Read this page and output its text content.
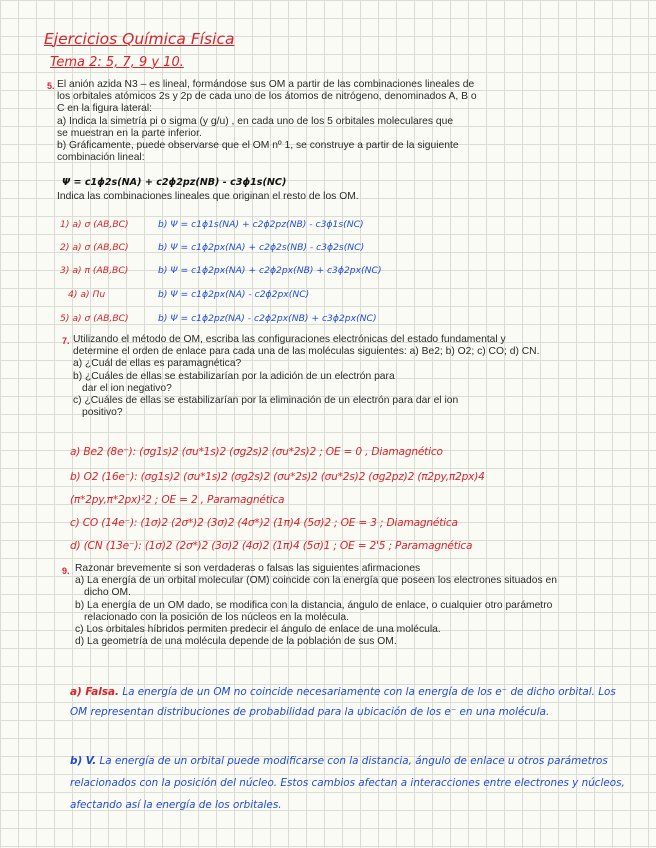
Ejercicios Química Física
Tema 2: 5, 7, 9 y 10.
5. El anión azida N3 – es lineal, formándose sus OM a partir de las combinaciones lineales de
los orbitales atómicos 2s y 2p de cada uno de los átomos de nitrógeno, denominados A, B o
C en la figura lateral:
a) Indica la simetría pi o sigma (y g/u) , en cada uno de los 5 orbitales moleculares que
se muestran en la parte inferior.
b) Gráficamente, puede observarse que el OM nº 1, se construye a partir de la siguiente
combinación lineal:
Ψ = c1ϕ2s(NA) + c2ϕ2pz(NB) - c3ϕ1s(NC)
Indica las combinaciones lineales que originan el resto de los OM.
1) a) σ (AB,BC)	b) Ψ = c1ϕ1s(NA) + c2ϕ2pz(NB) - c3ϕ1s(NC)
2) a) σ (AB,BC)	b) Ψ = c1ϕ2px(NA) + c2ϕ2s(NB) - c3ϕ2s(NC)
3) a) π (AB,BC)	b) Ψ = c1ϕ2px(NA) + c2ϕ2px(NB) + c3ϕ2px(NC)
4) a) Πu	b) Ψ = c1ϕ2px(NA) - c2ϕ2px(NC)
5) a) σ (AB,BC)	b) Ψ = c1ϕ2pz(NA) - c2ϕ2px(NB) + c3ϕ2px(NC)
7. Utilizando el método de OM, escriba las configuraciones electrónicas del estado fundamental y
determine el orden de enlace para cada una de las moléculas siguientes: a) Be2; b) O2; c) CO; d) CN.
a) ¿Cuál de ellas es paramagnética?
b) ¿Cuáles de ellas se estabilizarían por la adición de un electrón para
dar el ion negativo?
c) ¿Cuáles de ellas se estabilizarían por la eliminación de un electrón para dar el ion
positivo?
a) Be2 (8e⁻): (σg1s)2 (σu*1s)2 (σg2s)2 (σu*2s)2 ; OE = 0 , Diamagnético
b) O2 (16e⁻): (σg1s)2 (σu*1s)2 (σg2s)2 (σu*2s)2 (σu*2s)2 (σg2pz)2 (π2py,π2px)4
(π*2py,π*2px)²2 ; OE = 2 , Paramagnética
c) CO (14e⁻): (1σ)2 (2σ*)2 (3σ)2 (4σ*)2 (1π)4 (5σ)2 ; OE = 3 ; Diamagnética
d) (CN (13e⁻): (1σ)2 (2σ*)2 (3σ)2 (4σ)2 (1π)4 (5σ)1 ; OE = 2'5 ; Paramagnética
9. Razonar brevemente si son verdaderas o falsas las siguientes afirmaciones
a) La energía de un orbital molecular (OM) coincide con la energía que poseen los electrones situados en
dicho OM.
b) La energía de un OM dado, se modifica con la distancia, ángulo de enlace, o cualquier otro parámetro
relacionado con la posición de los núcleos en la molécula.
c) Los orbitales híbridos permiten predecir el ángulo de enlace de una molécula.
d) La geometría de una molécula depende de la población de sus OM.
a) Falsa. La energía de un OM no coincide necesariamente con la energía de los e⁻ de dicho orbital. Los OM representan distribuciones de probabilidad para la ubicación de los e⁻ en una molécula.
b) V. La energía de un orbital puede modificarse con la distancia, ángulo de enlace u otros parámetros relacionados con la posición del núcleo. Estos cambios afectan a interacciones entre electrones y núcleos, afectando así la energía de los orbitales.
